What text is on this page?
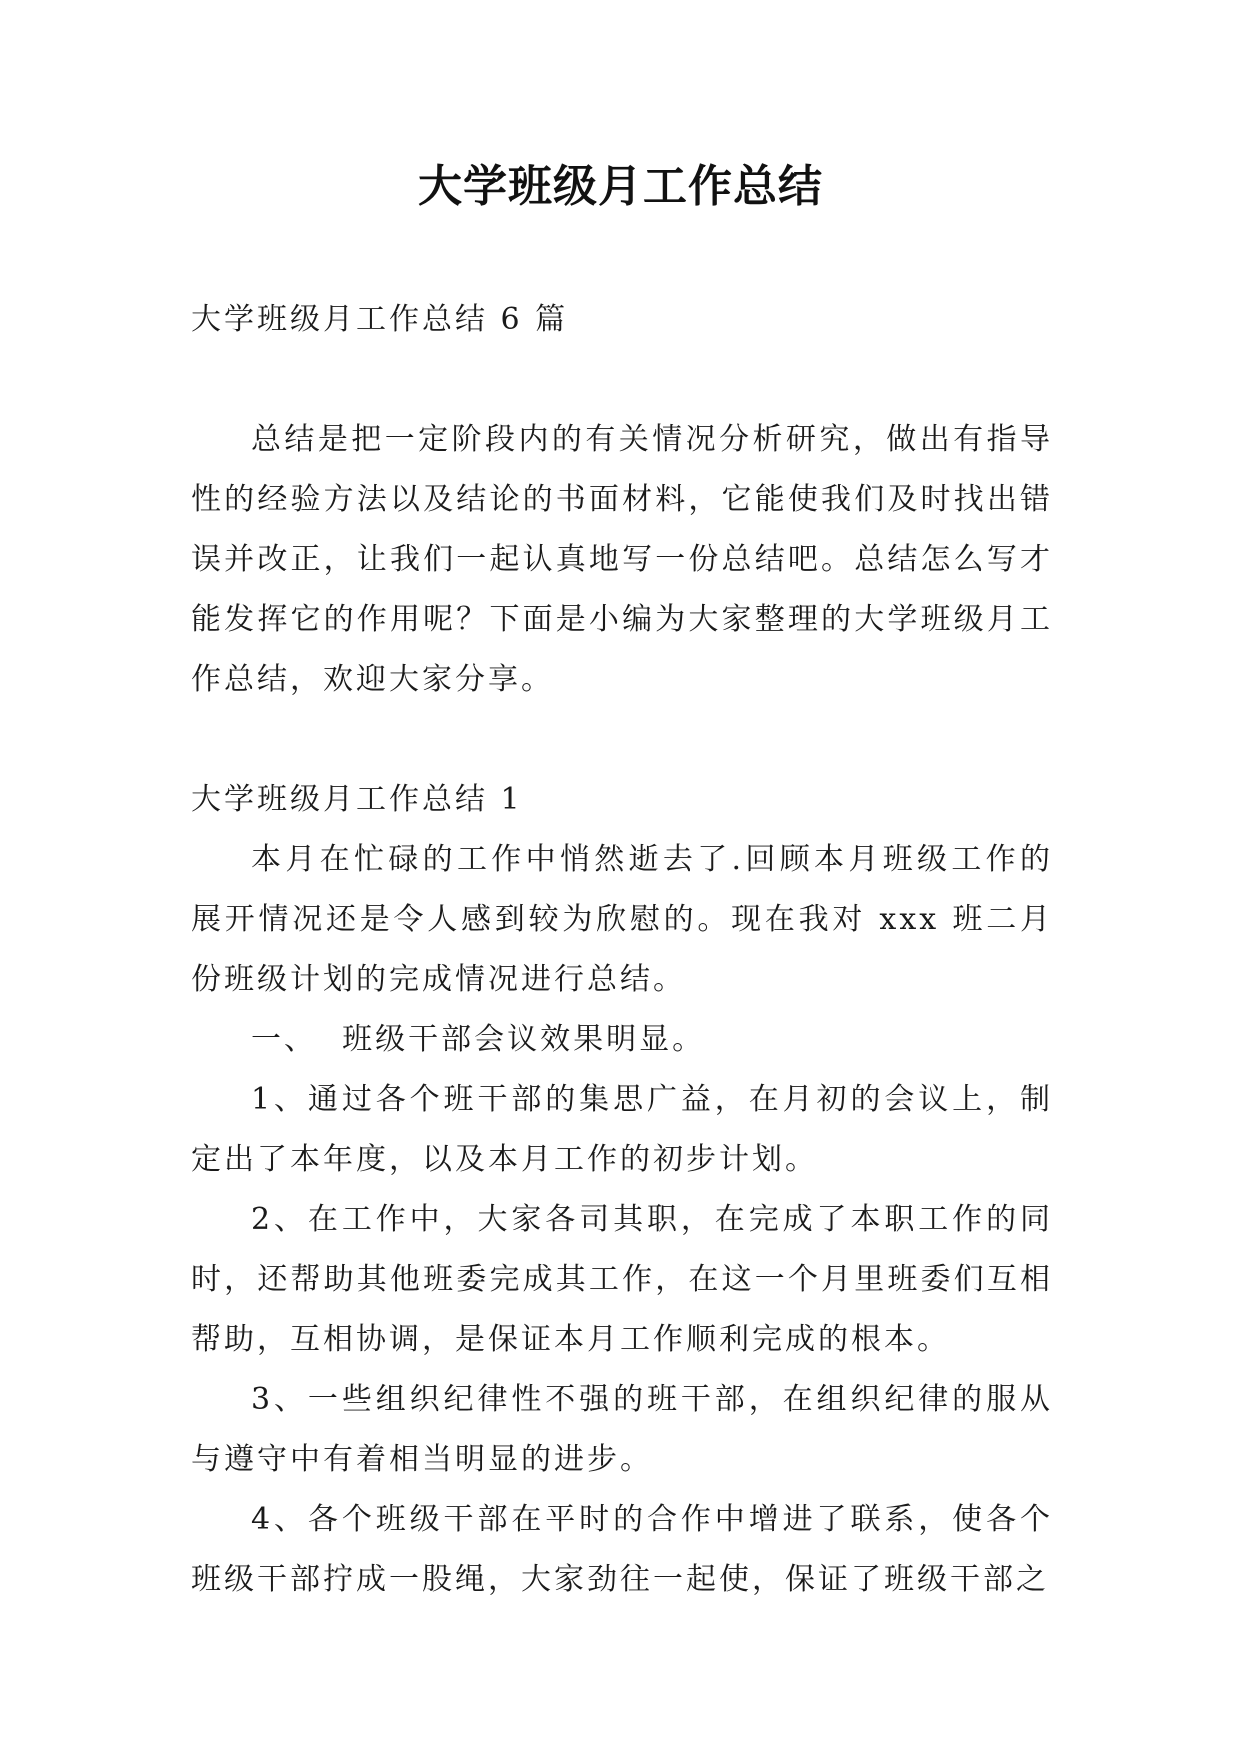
大学班级月工作总结

大学班级月工作总结 6 篇

总结是把一定阶段内的有关情况分析研究，做出有指导性的经验方法以及结论的书面材料，它能使我们及时找出错误并改正，让我们一起认真地写一份总结吧。总结怎么写才能发挥它的作用呢？下面是小编为大家整理的大学班级月工作总结，欢迎大家分享。

大学班级月工作总结 1

本月在忙碌的工作中悄然逝去了.回顾本月班级工作的展开情况还是令人感到较为欣慰的。现在我对 xxx 班二月份班级计划的完成情况进行总结。

一、  班级干部会议效果明显。

1、通过各个班干部的集思广益，在月初的会议上，制定出了本年度，以及本月工作的初步计划。

2、在工作中，大家各司其职，在完成了本职工作的同时，还帮助其他班委完成其工作，在这一个月里班委们互相帮助，互相协调，是保证本月工作顺利完成的根本。

3、一些组织纪律性不强的班干部，在组织纪律的服从与遵守中有着相当明显的进步。

4、各个班级干部在平时的合作中增进了联系，使各个班级干部拧成一股绳，大家劲往一起使，保证了班级干部之
